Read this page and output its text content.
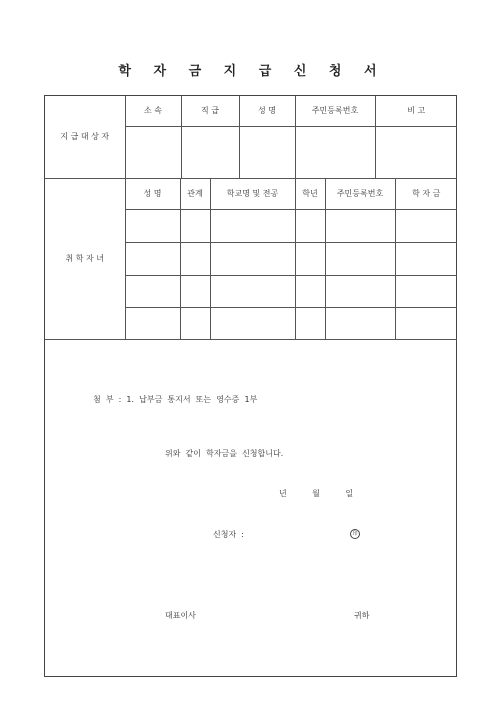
학 자 금 지 급 신 청 서
지 급 대 상 자	소 속	직 급	성 명	주민등록번호	비 고

취 학 자 녀	성 명	관계	학교명 및 전공	학년	주민등록번호	학 자 금

첨  부  :  1.  납부금  통지서  또는  영수증  1부
위와  같이  학자금을  신청합니다.
년          월          일
신청자  :	印
대표이사	귀하
